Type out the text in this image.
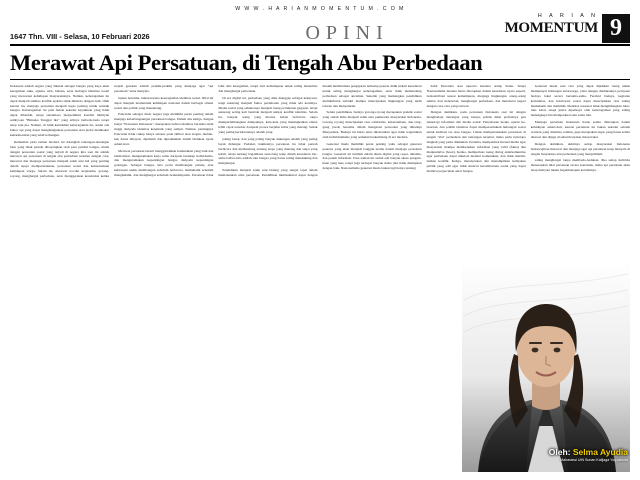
W W W . H A R I A N M O M E N T U M . C O M
1647 Thn. VIII - Selasa, 10 Februari 2026	OPINI
H A R I A N
MOMENTUM 9
Merawat Api Persatuan, di Tengah Abu Perbedaan

Indonesia adalah negara yang dikenal sebagai bangsa yang kaya akan keragaman suku, agama, adat, bahasa, serta berbagai identitas sosial yang mewarnai kehidupan masyarakatnya. Namun, keberagaman itu dapat menjadi sumber konflik apabila tidak dikelola dengan baik. Oleh karena itu, menjaga persatuan menjadi tugas penting untuk seluruh bangsa. Keberagaman itu pula bukan sekadar keyakinan yang tidak dapat dibantah, tetapi senantiasa menyelimuti kondisi lahiriyah sembyoan "Bhineka Tunggal Ika" yang artinya berbeda-beda tetapi tetap satu jua. Namun, di balik keindahan keberagaman itu, selalu ada faktor apt yang dapat menghanguskan persatuan atau justru membakar keharmonisan yang telah terbangun.

Kemudian pada zaman modern ini datanglah tantangan-tantangan baru yang tidak pernah dibayangkan oleh para pendiri bangsa, mulai dengan persoalan sosial yang terjadi di negara kita saat ini adalah merawat api persatuan di tengah abu perbedaan tersebut dengan cara, merawat dan menjaga persatuan menjadi salah satu hal yang penting dalam upaya memperstatukan, persatuan sosial dan koherensinan kehidupan warga. Selain itu, merawat trocdut kerjasama, gotong-royong, menghargai perbedaan, serta menggerakan konstruksi ketika terjadi gesekan adalah praktik-praktik yang menjaga agar "api persatuan" terus menyala.

tujuan bersama, bukan karena keseragaman identitas sosial. Nilai ini dapat menjadi momentum kehidupan nasional dalam berbagai situasi sosial dan politik yang menantang.

Pancasila sebagai dasar negara juga memiliki peran penting dalam menjaga keberlangsungan persatuan bangsa. Dalam sila ketiga, dengan bunyi "Persatuan Indonesia", merupakan bahwa identitas bersama telah tinggi daripada identitas ketentuik yang sempit. Namun, pentingnya Pancasila tidak cukup hanya sebatas pada simbol atau slogan, melainkan harus dihayati, dipahami dan dipraktikkan dalam tindakan nyata sehari-hari.

Merawat persatuan berarti menggairahkan komunikasi yang baik dan bermanfaat, mengutamakan kerja sama daripada bersikap individualis, dan mengutamakan kepentingan bangsa daripada kepentingan golongan. Sebagai bangsa, kita perlu membangun prinsip atau kebiasaan untuk membangun sebelum berbicara, memuhami sebelum menghakimi, dan menghargai sebelum berkesimpulan. Persatuan tidak lahir dari kesegaman, tetapi dari kemampuan untuk saling menerima dan menghargai perbedaan.

Di era digital ini, perbedaan yang dulu dianggap sebagai kekayaan, tengi sekarang menjadi faktor perdebatan yang tidak ada kontinya. Media sosial yang sahunranya menjadi ruang pertukaran gagasan, tetapi sekarang sering kali berubah menjadi tempat konflik identitas. Selain itu, banyak orang yang merasa beban berbicara tanpa mempertimbangkan dampaknya, kata-kata yang meningkatkan emosi lebih cepat tersebar daripada proses berpikir kritis yang matang. Sedak yang paling kerasberuanya adalah yang

paling benar, dan yang paling banyak dukungan adalah yang paling layak didengar. Padahal, hakikatnya persatuan itu tidak pernah berbicara dan memandang tentang siapa yang menang dan siapa yang kalah, tetapi tentang bagaimana seseorang tetap dalam kesadaran bersama bahwa kita adalah satu bangsa yang harus saling mendukung dan menghargai.

Pendidikan menjadi salah satu bidang yang sangat tepat dalam memanankan nilai persatuan. Pendidikan multikultural dapat dengan mudah memberikan pengajaran terhadap peserta didik terkait kesadaran untuk saling menghargai keberagaman, serta tidak memandang perbedaan sebagai ancaman. Sekolah yang memangkas pendidikan multikultural terbukti mampu menciptakan lingkungan yang lebih toleran dan menyeluruh.

Selain pendidikan, budaya gotong-royong merupakan praktik sosial yang sudah lama menjadi salah satu pemersatu masyarakat Indonesia. Gotong royong menciptakan rasa solidaritas, kebersamaan, dan tanggung jawab bersama dalam mengatasi persoalan yang dihadapi Masyarakat. Budaya ini harus terus dilestarikan agar tidak tergantikan oleh individualisme yang semakin berkembang di era modern.

Generasi muda memiliki peran penting yaitu sebagai generasi penerus yang akan menjadi tonggak utama dalam menjaga persatuan bangsa. Generasi ini tumbuh dalam dunia digital yang cepat, dinamis, dan penuh informasi. Pasa zaman ini sudah ada banyak akses pengetahuan yang luas, tetapi juga terdapat banyak risiko jika tidak ditempkan dengan baik. Nasionalisme generasi muda bukan lagi hanya tentang

hafal Pancasila atau upacara bendera setiap Senin. Tetapi Nasionalisme mereka harus diterapkan dalam kesadaran nyata seperti, berkontribusi sesuai kemampuan, menjaga lingkungan orang-orang sekitar dari kebencian, menghargai perbedaan, dan mencintai negeri dengan cara-cara yang relevan.

Dengan demikian, pada persatuan Indonesia saat ini dengan menghadapi tantangan yang berupa politik diket profesinya gan teknologi informasi dan media sosial. Penyebaran hoaks, ujaran kebencian, dan politik identitas dapat mempertemukah hubungan sosial untuk kedirasi ras atau bangsa. Untuk mempertahankan persatuan di tengah "abu" perbedaan dan tantangan tersebut, maka perlu beberapa langkah yang perlu dilakukan. Pertama, memperkuat literasi media agar masyarakat mampu membedakan informasi yang valid (fakta) dan manipulative (hoax). Kedua, memperluas ruang dialog antarkomunitas agar perbedaan dapat dikelola melalui komunikasi, dan tidak menimbulkan konflik. Ketiga, menciptakan dan menampilkan kebijakan publik yang adil agar tidak muncul kecemburuan sosial yang dapat memicu perpecahan antar bangsa.

Generasi muda satu cara yang dapat dijadikan ruang untuk mempunyai hubungan antarwarga, yaitu dengan diadakannya perayaan budaya lokal secara bersama-sama. Festival budaya, kegiatan komunitas, dan kolaborasi sosial dapat menciptakan rasa saling memahami dan memiliki. Identitas nasional tidak menghilangkan identitas lokal, tetapi justru diperkaya oleh keberagaman yang saling melengkapi dan memperkuat satu sama lain.

Menjaga persatuan Indonesia harus selalu diterapkan dalam kehidupan sehari-hari, karena persatuan itu bukan sekadar sebuah warisan yang diterima, namun, juga merupakan tugas yang harus selalu dirawat dan dijaga di seluruh lapisan masyarakat.

Dengan demikian, akhirnya setiap masyarakat Indonesia berkewajiban merawat dan menjaga agar api persatuan tetap menyala di tengah banyaknya abu perbedaan yang menyelimuti.

saling menghargai tanpa membeda-bedakan. Jika setiap individu menerapkan nilai persatuan secara konsisten, maka api persatuan akan tetap menyala meski bagaimanapun kondisinya.

Oleh: Selma Ayudia
Mahasiswi UIN Sunan Kalijaga Yogyakarta
